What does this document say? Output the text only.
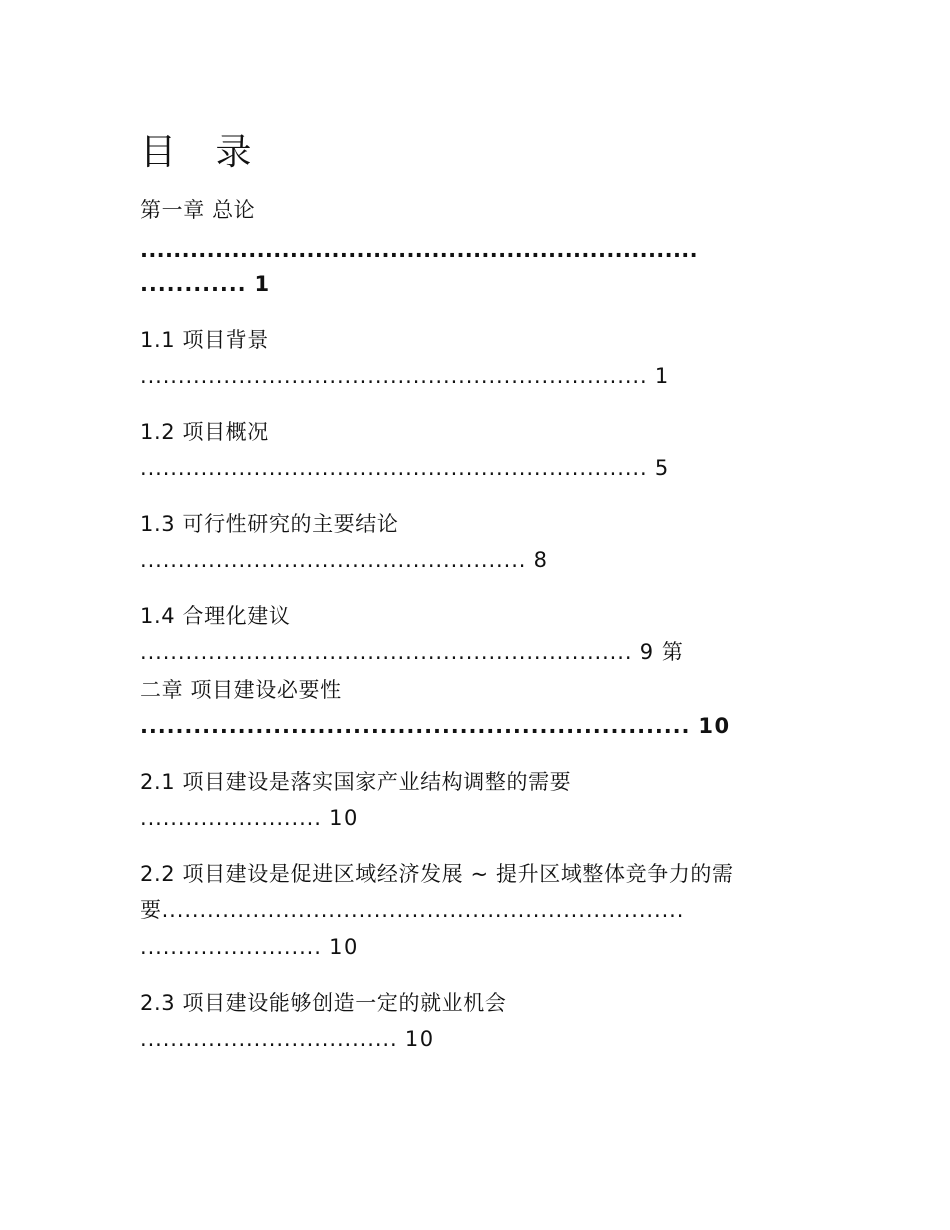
目 录
第一章 总论
...................................................................
............ 1
1.1 项目背景
................................................................... 1
1.2 项目概况
................................................................... 5
1.3 可行性研究的主要结论
................................................... 8
1.4 合理化建议
................................................................. 9 第
二章 项目建设必要性
.............................................................. 10
2.1 项目建设是落实国家产业结构调整的需要
........................ 10
2.2 项目建设是促进区域经济发展 ~ 提升区域整体竞争力的需
要.....................................................................
........................ 10
2.3 项目建设能够创造一定的就业机会
.................................. 10
